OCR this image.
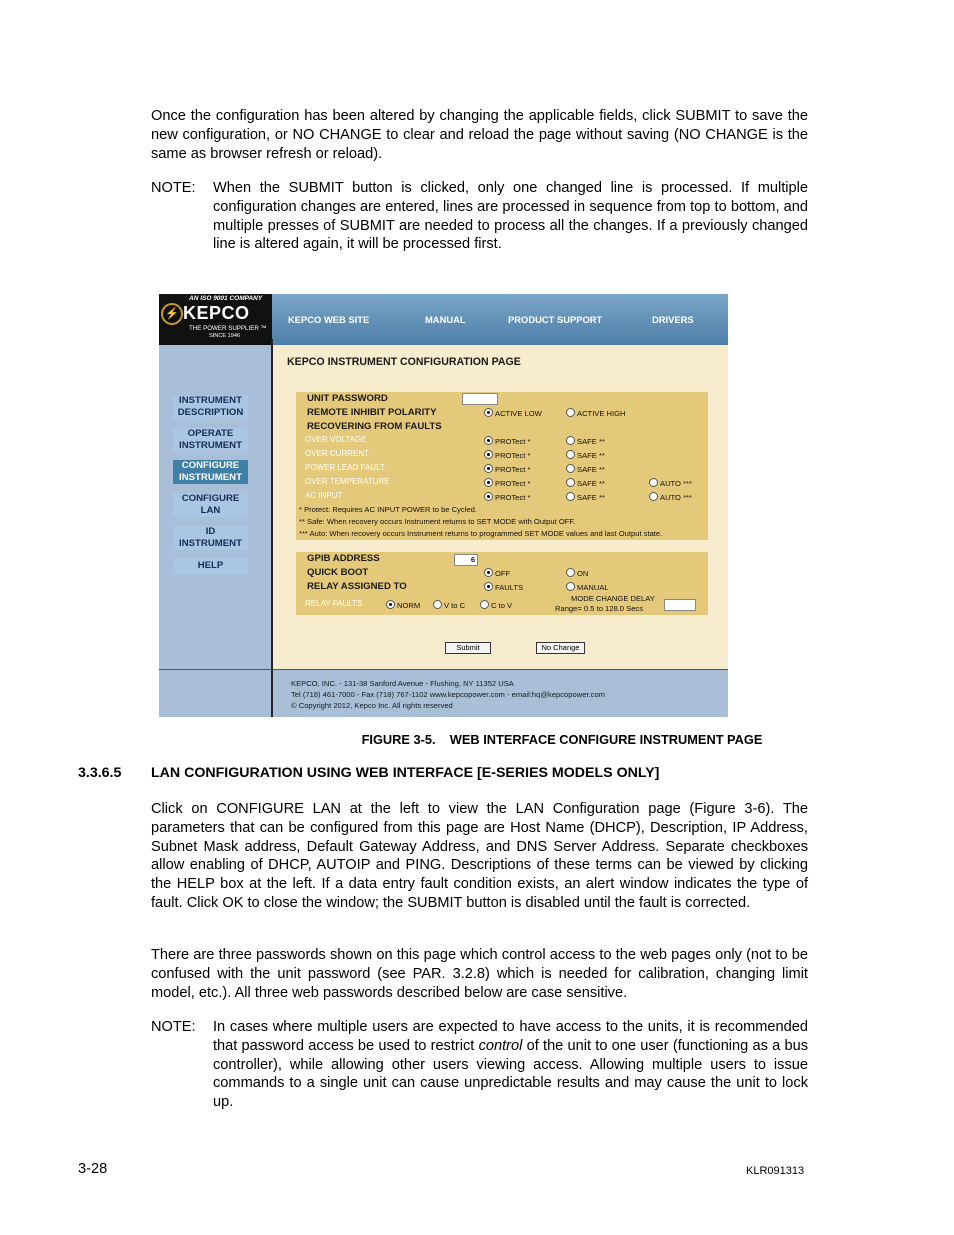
Once the configuration has been altered by changing the applicable fields, click SUBMIT to save the new configuration, or NO CHANGE to clear and reload the page without saving (NO CHANGE is the same as browser refresh or reload).

NOTE: When the SUBMIT button is clicked, only one changed line is processed. If multiple configuration changes are entered, lines are processed in sequence from top to bottom, and multiple presses of SUBMIT are needed to process all the changes. If a previously changed line is altered again, it will be processed first.
KEPCO WEB SITE	MANUAL	PRODUCT SUPPORT	DRIVERS
AN ISO 9001 COMPANY
⚡ KEPCO
THE POWER SUPPLIER ™
SINCE 1946
INSTRUMENT
DESCRIPTION
OPERATE
INSTRUMENT
CONFIGURE
INSTRUMENT
CONFIGURE
LAN
ID
INSTRUMENT
HELP
KEPCO INSTRUMENT CONFIGURATION PAGE
UNIT PASSWORD
REMOTE INHIBIT POLARITY	ACTIVE LOW	ACTIVE HIGH
RECOVERING FROM FAULTS
OVER VOLTAGE	PROTect *	SAFE **
OVER CURRENT	PROTect *	SAFE **
POWER LEAD FAULT	PROTect *	SAFE **
OVER TEMPERATURE	PROTect *	SAFE **	AUTO ***
AC INPUT	PROTect *	SAFE **	AUTO ***
* Protect: Requires AC INPUT POWER to be Cycled.
** Safe: When recovery occurs Instrument returns to SET MODE with Output OFF.
*** Auto: When recovery occurs Instrument returns to programmed SET MODE values and last Output state.
GPIB ADDRESS	6
QUICK BOOT	OFF	ON
RELAY ASSIGNED TO	FAULTS	MANUAL
RELAY FAULTS	NORM	V to C	C to V
MODE CHANGE DELAY
Range= 0.5 to 128.0 Secs	1.0
Submit	No Change
KEPCO, INC. - 131-38 Sanford Avenue - Flushing, NY 11352 USA
Tel (718) 461-7000 - Fax (718) 767-1102 www.kepcopower.com - email:hq@kepcopower.com
© Copyright 2012, Kepco Inc. All rights reserved
FIGURE 3-5. WEB INTERFACE CONFIGURE INSTRUMENT PAGE
3.3.6.5 LAN CONFIGURATION USING WEB INTERFACE [E-SERIES MODELS ONLY]

Click on CONFIGURE LAN at the left to view the LAN Configuration page (Figure 3-6). The parameters that can be configured from this page are Host Name (DHCP), Description, IP Address, Subnet Mask address, Default Gateway Address, and DNS Server Address. Separate checkboxes allow enabling of DHCP, AUTOIP and PING. Descriptions of these terms can be viewed by clicking the HELP box at the left. If a data entry fault condition exists, an alert window indicates the type of fault. Click OK to close the window; the SUBMIT button is disabled until the fault is corrected.

There are three passwords shown on this page which control access to the web pages only (not to be confused with the unit password (see PAR. 3.2.8) which is needed for calibration, changing limit model, etc.). All three web passwords described below are case sensitive.

NOTE: In cases where multiple users are expected to have access to the units, it is recommended that password access be used to restrict control of the unit to one user (functioning as a bus controller), while allowing other users viewing access. Allowing multiple users to issue commands to a single unit can cause unpredictable results and may cause the unit to lock up.
3-28	KLR091313
